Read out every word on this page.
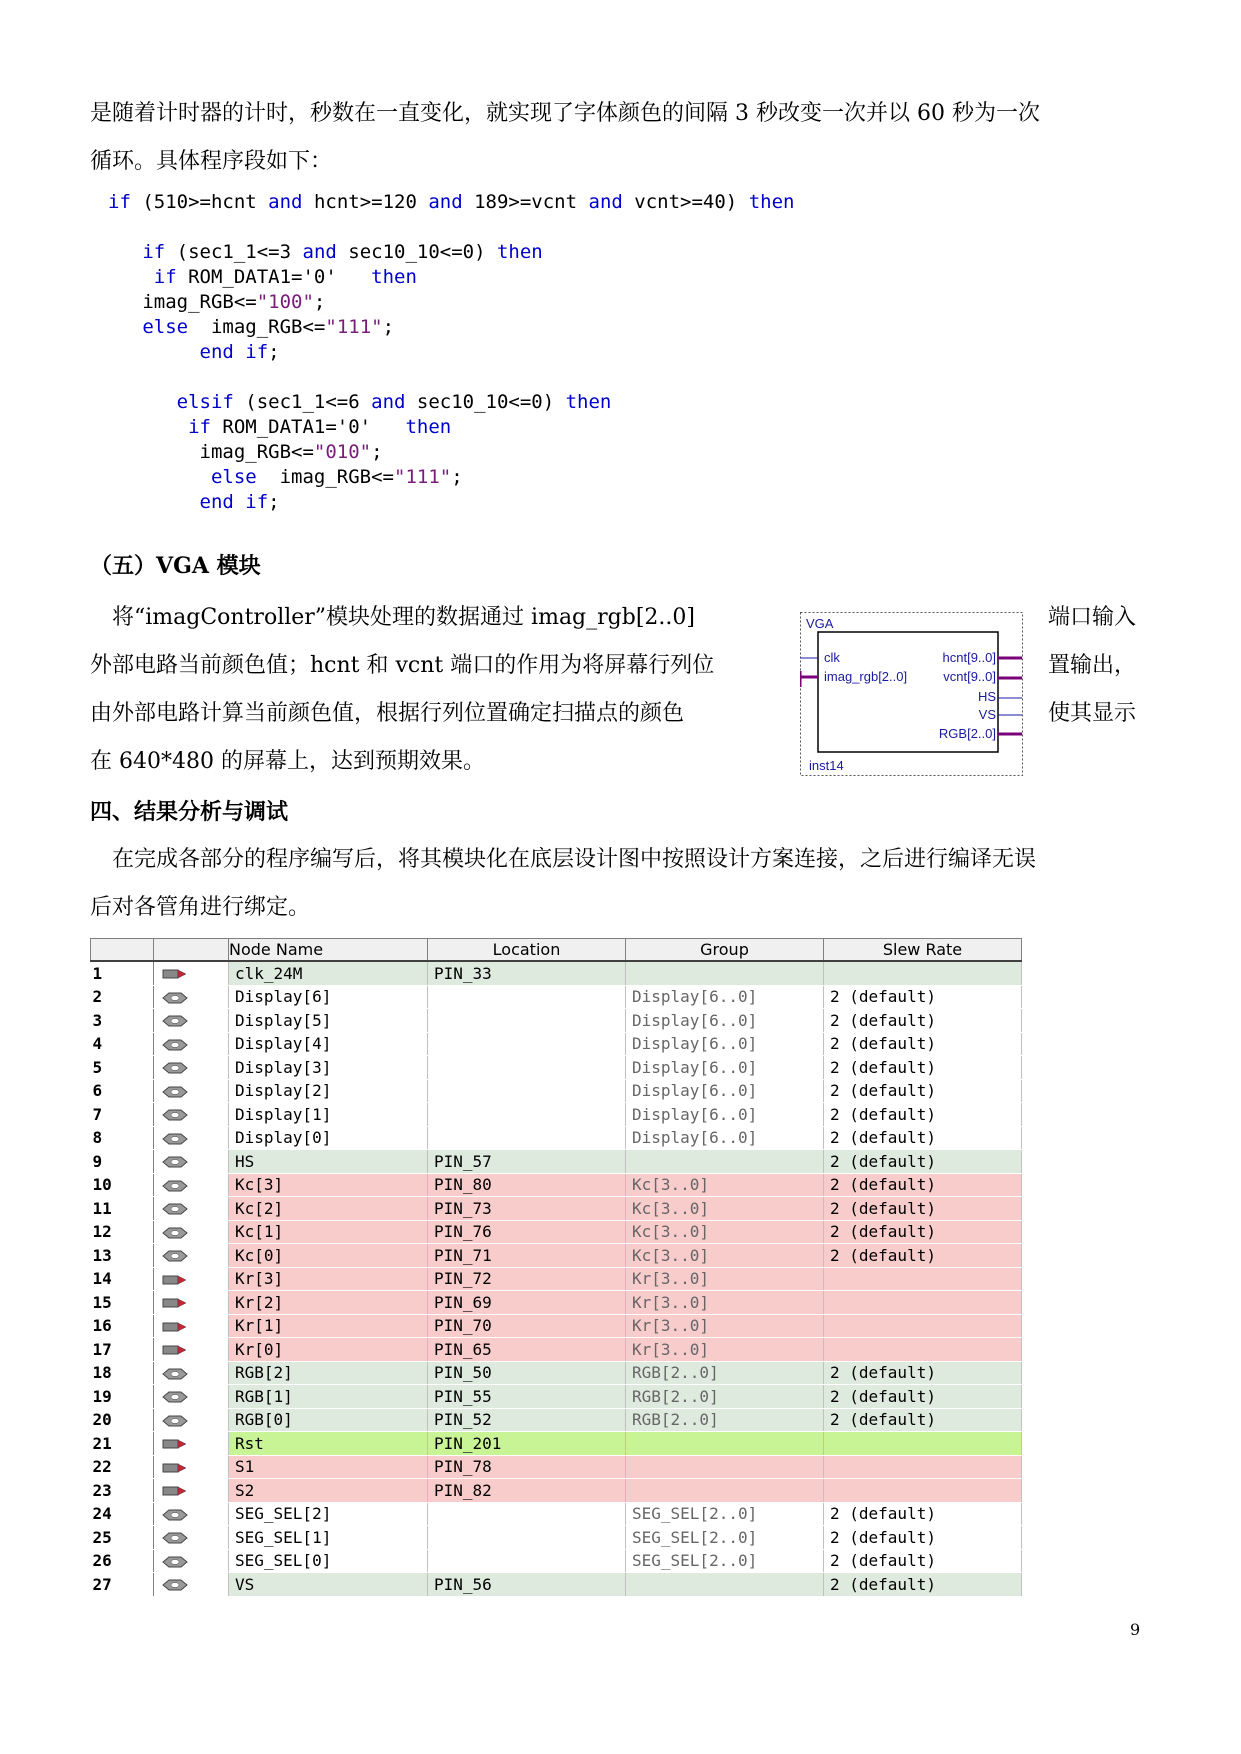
是随着计时器的计时，秒数在一直变化，就实现了字体颜色的间隔 3 秒改变一次并以 60 秒为一次
循环。具体程序段如下：

if (510>=hcnt and hcnt>=120 and 189>=vcnt and vcnt>=40) then

if (sec1_1<=3 and sec10_10<=0) then
if ROM_DATA1='0'   then
imag_RGB<="100";
else  imag_RGB<="111";
end if;

elsif (sec1_1<=6 and sec10_10<=0) then
if ROM_DATA1='0'   then
imag_RGB<="010";
else  imag_RGB<="111";
end if;
（五）VGA 模块
　将“imagController”模块处理的数据通过 imag_rgb[2..0]
外部电路当前颜色值；hcnt 和 vcnt 端口的作用为将屏幕行列位
由外部电路计算当前颜色值，根据行列位置确定扫描点的颜色
在 640*480 的屏幕上，达到预期效果。
端口输入
置输出，
使其显示
VGA
clk
imag_rgb[2..0]
hcnt[9..0]
vcnt[9..0]
HS
VS
RGB[2..0]
inst14
四、结果分析与调试

　在完成各部分的程序编写后，将其模块化在底层设计图中按照设计方案连接，之后进行编译无误
后对各管角进行绑定。

		Node Name	Location	Group	Slew Rate
1		clk_24M	PIN_33		
2		Display[6]		Display[6..0]	2 (default)
3		Display[5]		Display[6..0]	2 (default)
4		Display[4]		Display[6..0]	2 (default)
5		Display[3]		Display[6..0]	2 (default)
6		Display[2]		Display[6..0]	2 (default)
7		Display[1]		Display[6..0]	2 (default)
8		Display[0]		Display[6..0]	2 (default)
9		HS	PIN_57		2 (default)
10		Kc[3]	PIN_80	Kc[3..0]	2 (default)
11		Kc[2]	PIN_73	Kc[3..0]	2 (default)
12		Kc[1]	PIN_76	Kc[3..0]	2 (default)
13		Kc[0]	PIN_71	Kc[3..0]	2 (default)
14		Kr[3]	PIN_72	Kr[3..0]	
15		Kr[2]	PIN_69	Kr[3..0]	
16		Kr[1]	PIN_70	Kr[3..0]	
17		Kr[0]	PIN_65	Kr[3..0]	
18		RGB[2]	PIN_50	RGB[2..0]	2 (default)
19		RGB[1]	PIN_55	RGB[2..0]	2 (default)
20		RGB[0]	PIN_52	RGB[2..0]	2 (default)
21		Rst	PIN_201		
22		S1	PIN_78		
23		S2	PIN_82		
24		SEG_SEL[2]		SEG_SEL[2..0]	2 (default)
25		SEG_SEL[1]		SEG_SEL[2..0]	2 (default)
26		SEG_SEL[0]		SEG_SEL[2..0]	2 (default)
27		VS	PIN_56		2 (default)
9
